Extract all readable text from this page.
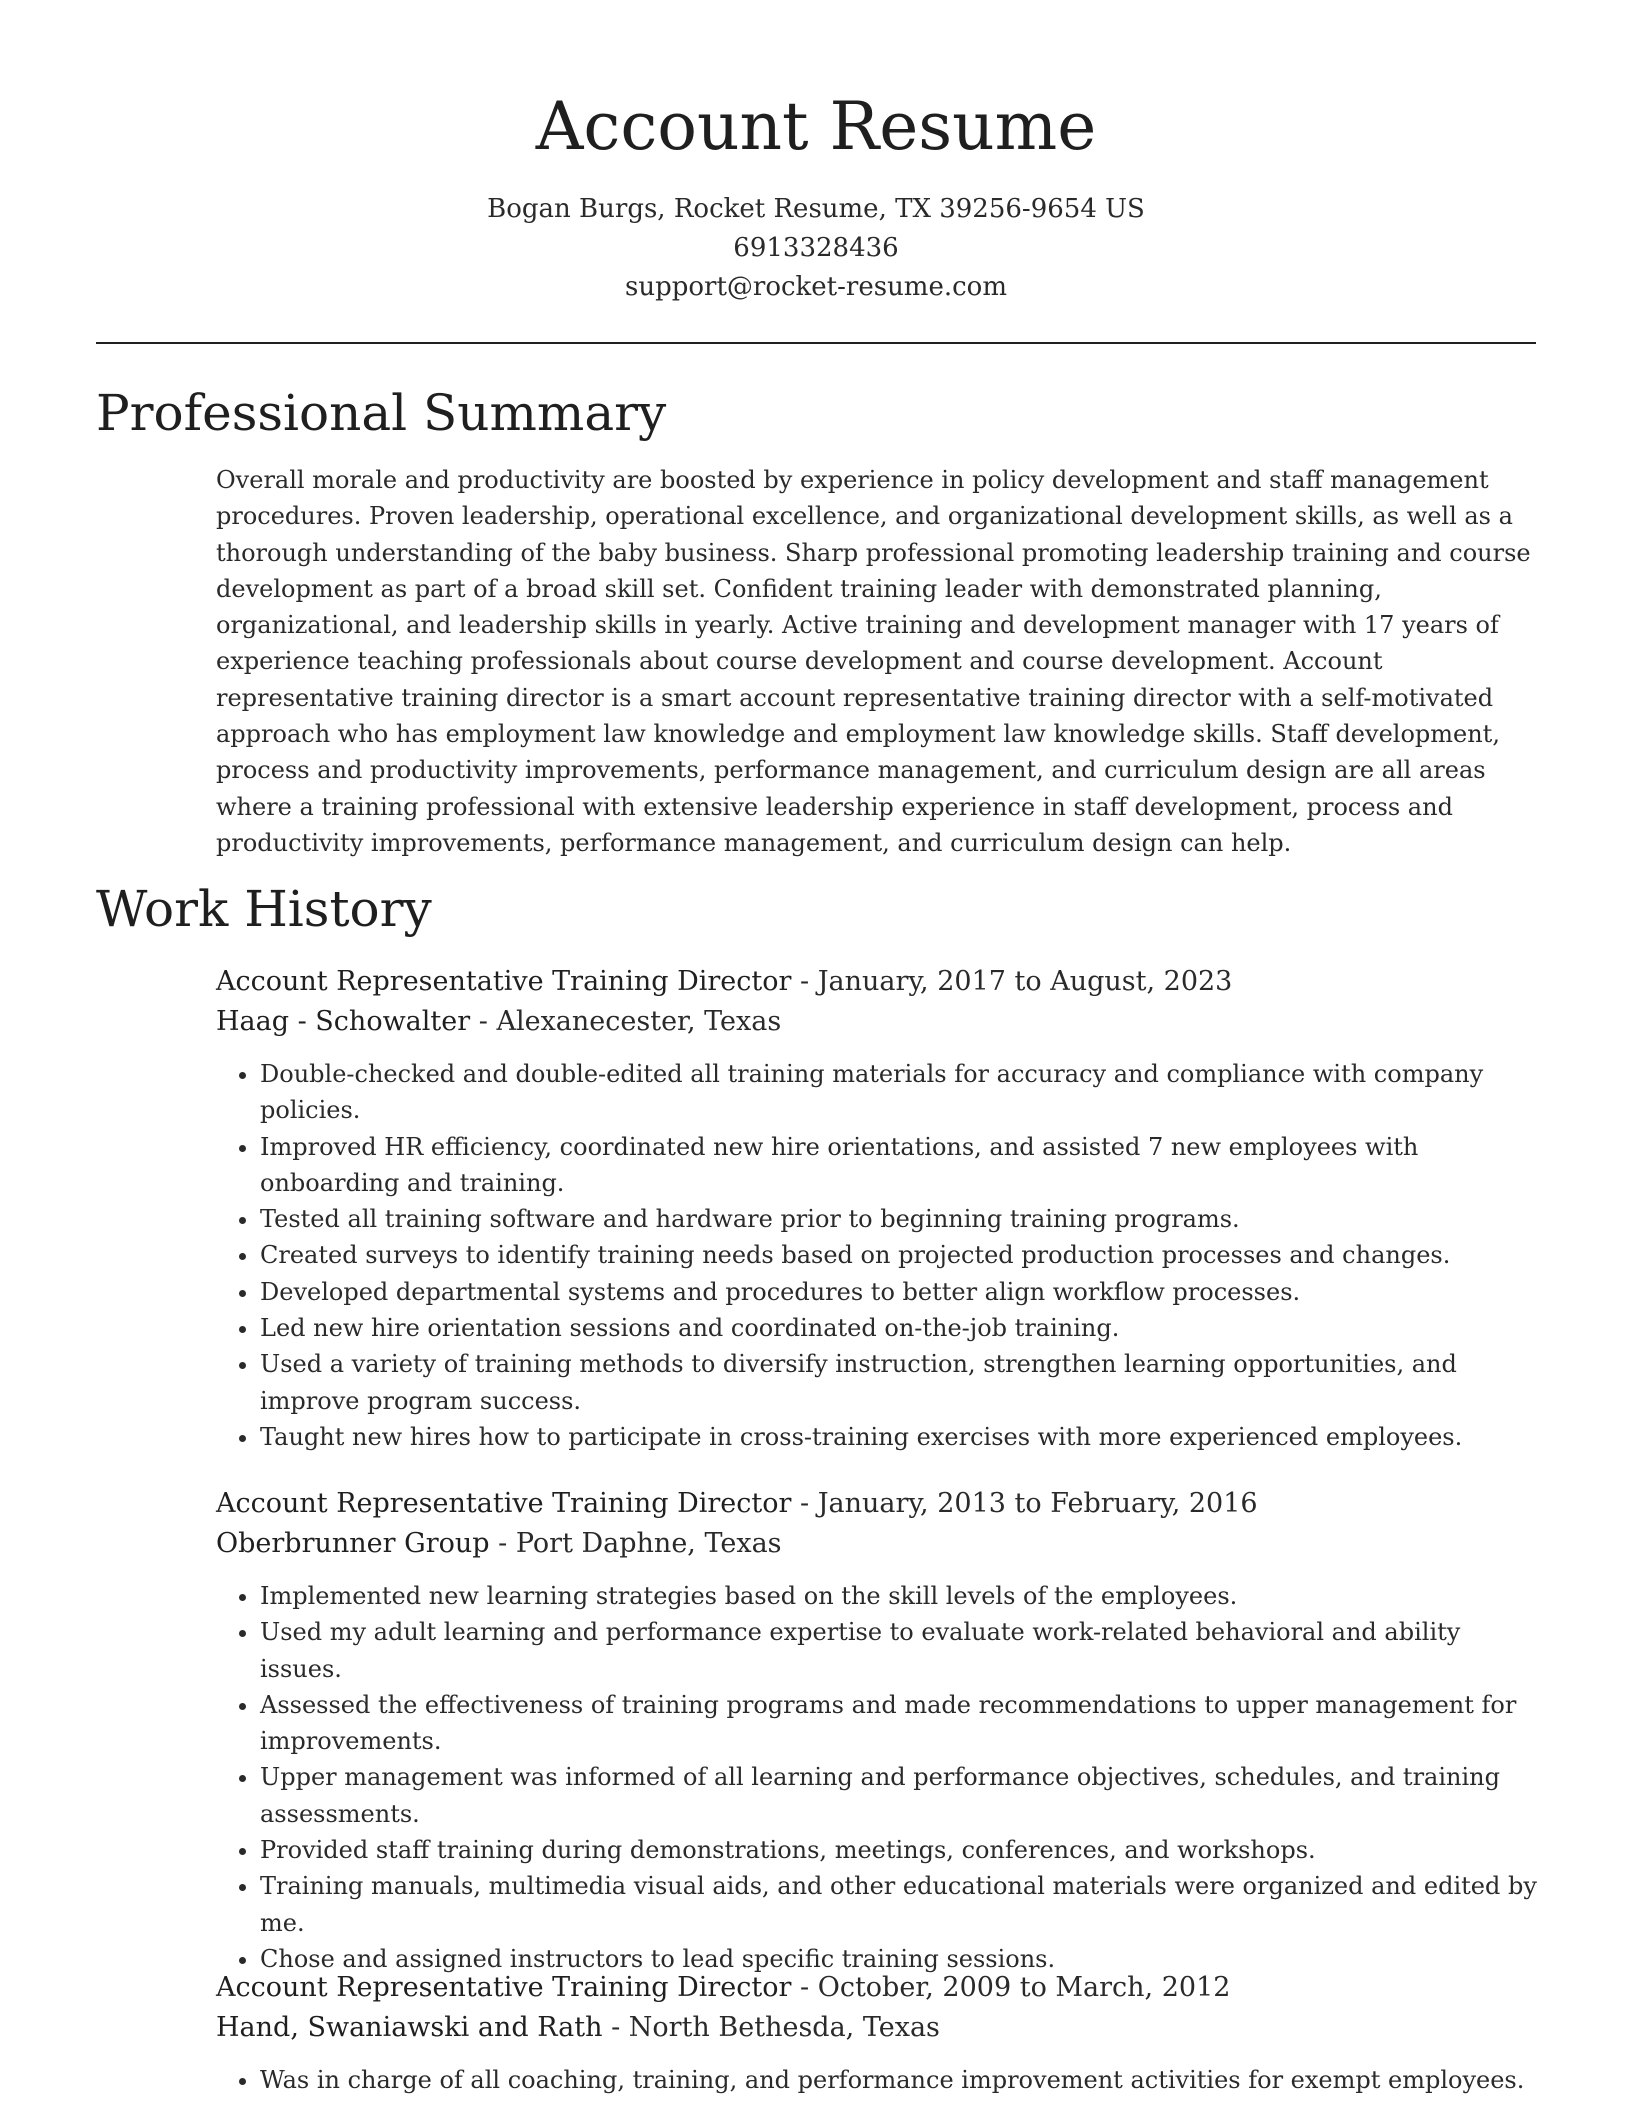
Account Resume
Bogan Burgs, Rocket Resume, TX 39256-9654 US
6913328436
support@rocket-resume.com
Professional Summary

Overall morale and productivity are boosted by experience in policy development and staff management procedures. Proven leadership, operational excellence, and organizational development skills, as well as a thorough understanding of the baby business. Sharp professional promoting leadership training and course development as part of a broad skill set. Confident training leader with demonstrated planning, organizational, and leadership skills in yearly. Active training and development manager with 17 years of experience teaching professionals about course development and course development. Account representative training director is a smart account representative training director with a self-motivated approach who has employment law knowledge and employment law knowledge skills. Staff development, process and productivity improvements, performance management, and curriculum design are all areas where a training professional with extensive leadership experience in staff development, process and productivity improvements, performance management, and curriculum design can help.

Work History
Account Representative Training Director - January, 2017 to August, 2023
Haag - Schowalter - Alexanecester, Texas
• Double-checked and double-edited all training materials for accuracy and compliance with company policies.
• Improved HR efficiency, coordinated new hire orientations, and assisted 7 new employees with onboarding and training.
• Tested all training software and hardware prior to beginning training programs.
• Created surveys to identify training needs based on projected production processes and changes.
• Developed departmental systems and procedures to better align workflow processes.
• Led new hire orientation sessions and coordinated on-the-job training.
• Used a variety of training methods to diversify instruction, strengthen learning opportunities, and improve program success.
• Taught new hires how to participate in cross-training exercises with more experienced employees.
Account Representative Training Director - January, 2013 to February, 2016
Oberbrunner Group - Port Daphne, Texas
• Implemented new learning strategies based on the skill levels of the employees.
• Used my adult learning and performance expertise to evaluate work-related behavioral and ability issues.
• Assessed the effectiveness of training programs and made recommendations to upper management for improvements.
• Upper management was informed of all learning and performance objectives, schedules, and training assessments.
• Provided staff training during demonstrations, meetings, conferences, and workshops.
• Training manuals, multimedia visual aids, and other educational materials were organized and edited by me.
• Chose and assigned instructors to lead specific training sessions.
Account Representative Training Director - October, 2009 to March, 2012
Hand, Swaniawski and Rath - North Bethesda, Texas
• Was in charge of all coaching, training, and performance improvement activities for exempt employees.
